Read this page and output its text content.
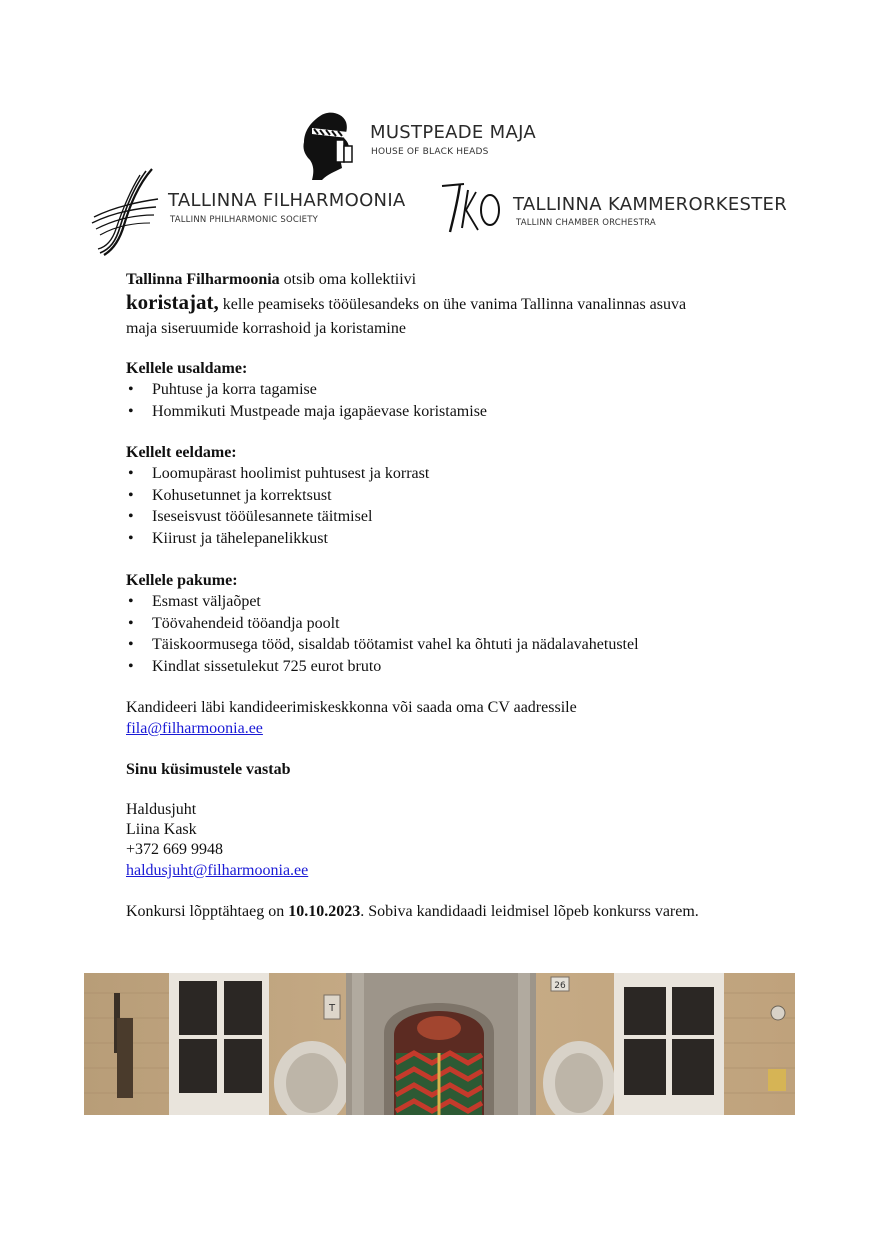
MUSTPEADE MAJA
HOUSE OF BLACK HEADS
TALLINNA FILHARMOONIA
TALLINN PHILHARMONIC SOCIETY
TALLINNA KAMMERORKESTER
TALLINN CHAMBER ORCHESTRA
Tallinna Filharmoonia otsib oma kollektiivi
koristajat, kelle peamiseks tööülesandeks on ühe vanima Tallinna vanalinnas asuva
maja siseruumide korrashoid ja koristamine
Kellele usaldame:
• Puhtuse ja korra tagamise
• Hommikuti Mustpeade maja igapäevase koristamise
Kellelt eeldame:
• Loomupärast hoolimist puhtusest ja korrast
• Kohusetunnet ja korrektsust
• Iseseisvust tööülesannete täitmisel
• Kiirust ja tähelepanelikkust
Kellele pakume:
• Esmast väljaõpet
• Töövahendeid tööandja poolt
• Täiskoormusega tööd, sisaldab töötamist vahel ka õhtuti ja nädalavahetustel
• Kindlat sissetulekut 725 eurot bruto
Kandideeri läbi kandideerimiskeskkonna või saada oma CV aadressile
fila@filharmoonia.ee
Sinu küsimustele vastab
Haldusjuht
Liina Kask
+372 669 9948
haldusjuht@filharmoonia.ee
Konkursi lõpptähtaeg on 10.10.2023. Sobiva kandidaadi leidmisel lõpeb konkurss varem.
26
T
